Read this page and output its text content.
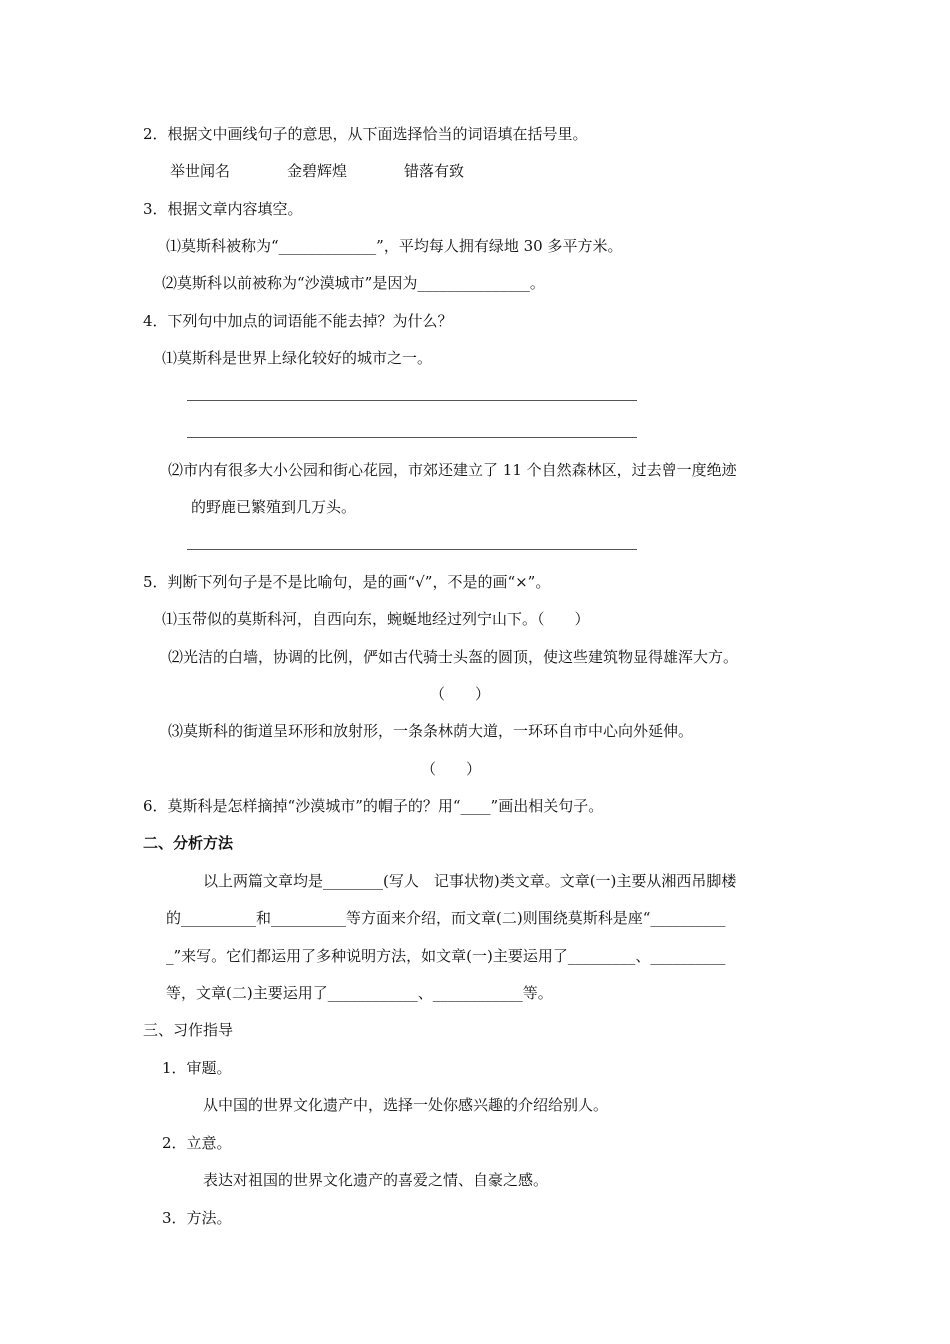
2．根据文中画线句子的意思，从下面选择恰当的词语填在括号里。
举世闻名	金碧辉煌	错落有致
3．根据文章内容填空。
⑴莫斯科被称为“_____________”，平均每人拥有绿地 30 多平方米。
⑵莫斯科以前被称为“沙漠城市”是因为_______________。
4．下列句中加点的词语能不能去掉？为什么？
⑴莫斯科是世界上绿化较好的城市之一。
⑵市内有很多大小公园和街心花园，市郊还建立了 11 个自然森林区，过去曾一度绝迹
的野鹿已繁殖到几万头。
5．判断下列句子是不是比喻句，是的画“√”，不是的画“×”。
⑴玉带似的莫斯科河，自西向东，蜿蜒地经过列宁山下。（　　）
⑵光洁的白墙，协调的比例，俨如古代骑士头盔的圆顶，使这些建筑物显得雄浑大方。
（　　）
⑶莫斯科的街道呈环形和放射形，一条条林荫大道，一环环自市中心向外延伸。
（　　）
6．莫斯科是怎样摘掉“沙漠城市”的帽子的？用“____”画出相关句子。
二、分析方法
以上两篇文章均是________(写人　记事状物)类文章。文章(一)主要从湘西吊脚楼
的__________和__________等方面来介绍，而文章(二)则围绕莫斯科是座“__________
_”来写。它们都运用了多种说明方法，如文章(一)主要运用了_________、__________
等，文章(二)主要运用了____________、____________等。
三、习作指导
1．审题。
从中国的世界文化遗产中，选择一处你感兴趣的介绍给别人。
2．立意。
表达对祖国的世界文化遗产的喜爱之情、自豪之感。
3．方法。
